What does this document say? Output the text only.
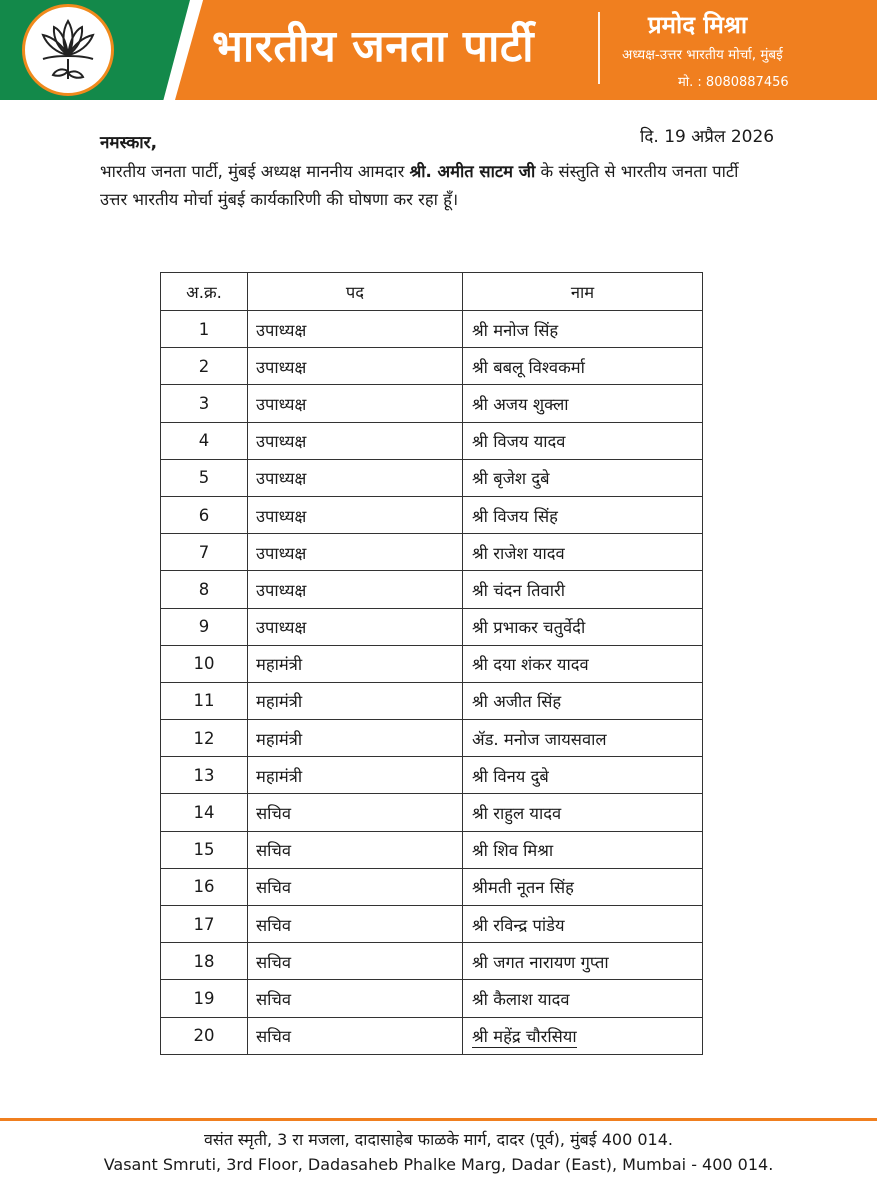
भारतीय जनता पार्टी	प्रमोद मिश्रा
अध्यक्ष-उत्तर भारतीय मोर्चा, मुंबई
मो. : 8080887456
नमस्कार,	दि. 19 अप्रैल 2026
भारतीय जनता पार्टी, मुंबई अध्यक्ष माननीय आमदार श्री. अमीत साटम जी के संस्तुति से भारतीय जनता पार्टी उत्तर भारतीय मोर्चा मुंबई कार्यकारिणी की घोषणा कर रहा हूँ।
अ.क्र.	पद	नाम
1	उपाध्यक्ष	श्री मनोज सिंह
2	उपाध्यक्ष	श्री बबलू विश्वकर्मा
3	उपाध्यक्ष	श्री अजय शुक्ला
4	उपाध्यक्ष	श्री विजय यादव
5	उपाध्यक्ष	श्री बृजेश दुबे
6	उपाध्यक्ष	श्री विजय सिंह
7	उपाध्यक्ष	श्री राजेश यादव
8	उपाध्यक्ष	श्री चंदन तिवारी
9	उपाध्यक्ष	श्री प्रभाकर चतुर्वेदी
10	महामंत्री	श्री दया शंकर यादव
11	महामंत्री	श्री अजीत सिंह
12	महामंत्री	ॲड. मनोज जायसवाल
13	महामंत्री	श्री विनय दुबे
14	सचिव	श्री राहुल यादव
15	सचिव	श्री शिव मिश्रा
16	सचिव	श्रीमती नूतन सिंह
17	सचिव	श्री रविन्द्र पांडेय
18	सचिव	श्री जगत नारायण गुप्ता
19	सचिव	श्री कैलाश यादव
20	सचिव	श्री महेंद्र चौरसिया
वसंत स्मृती, 3 रा मजला, दादासाहेब फाळके मार्ग, दादर (पूर्व), मुंबई 400 014.
Vasant Smruti, 3rd Floor, Dadasaheb Phalke Marg, Dadar (East), Mumbai - 400 014.
